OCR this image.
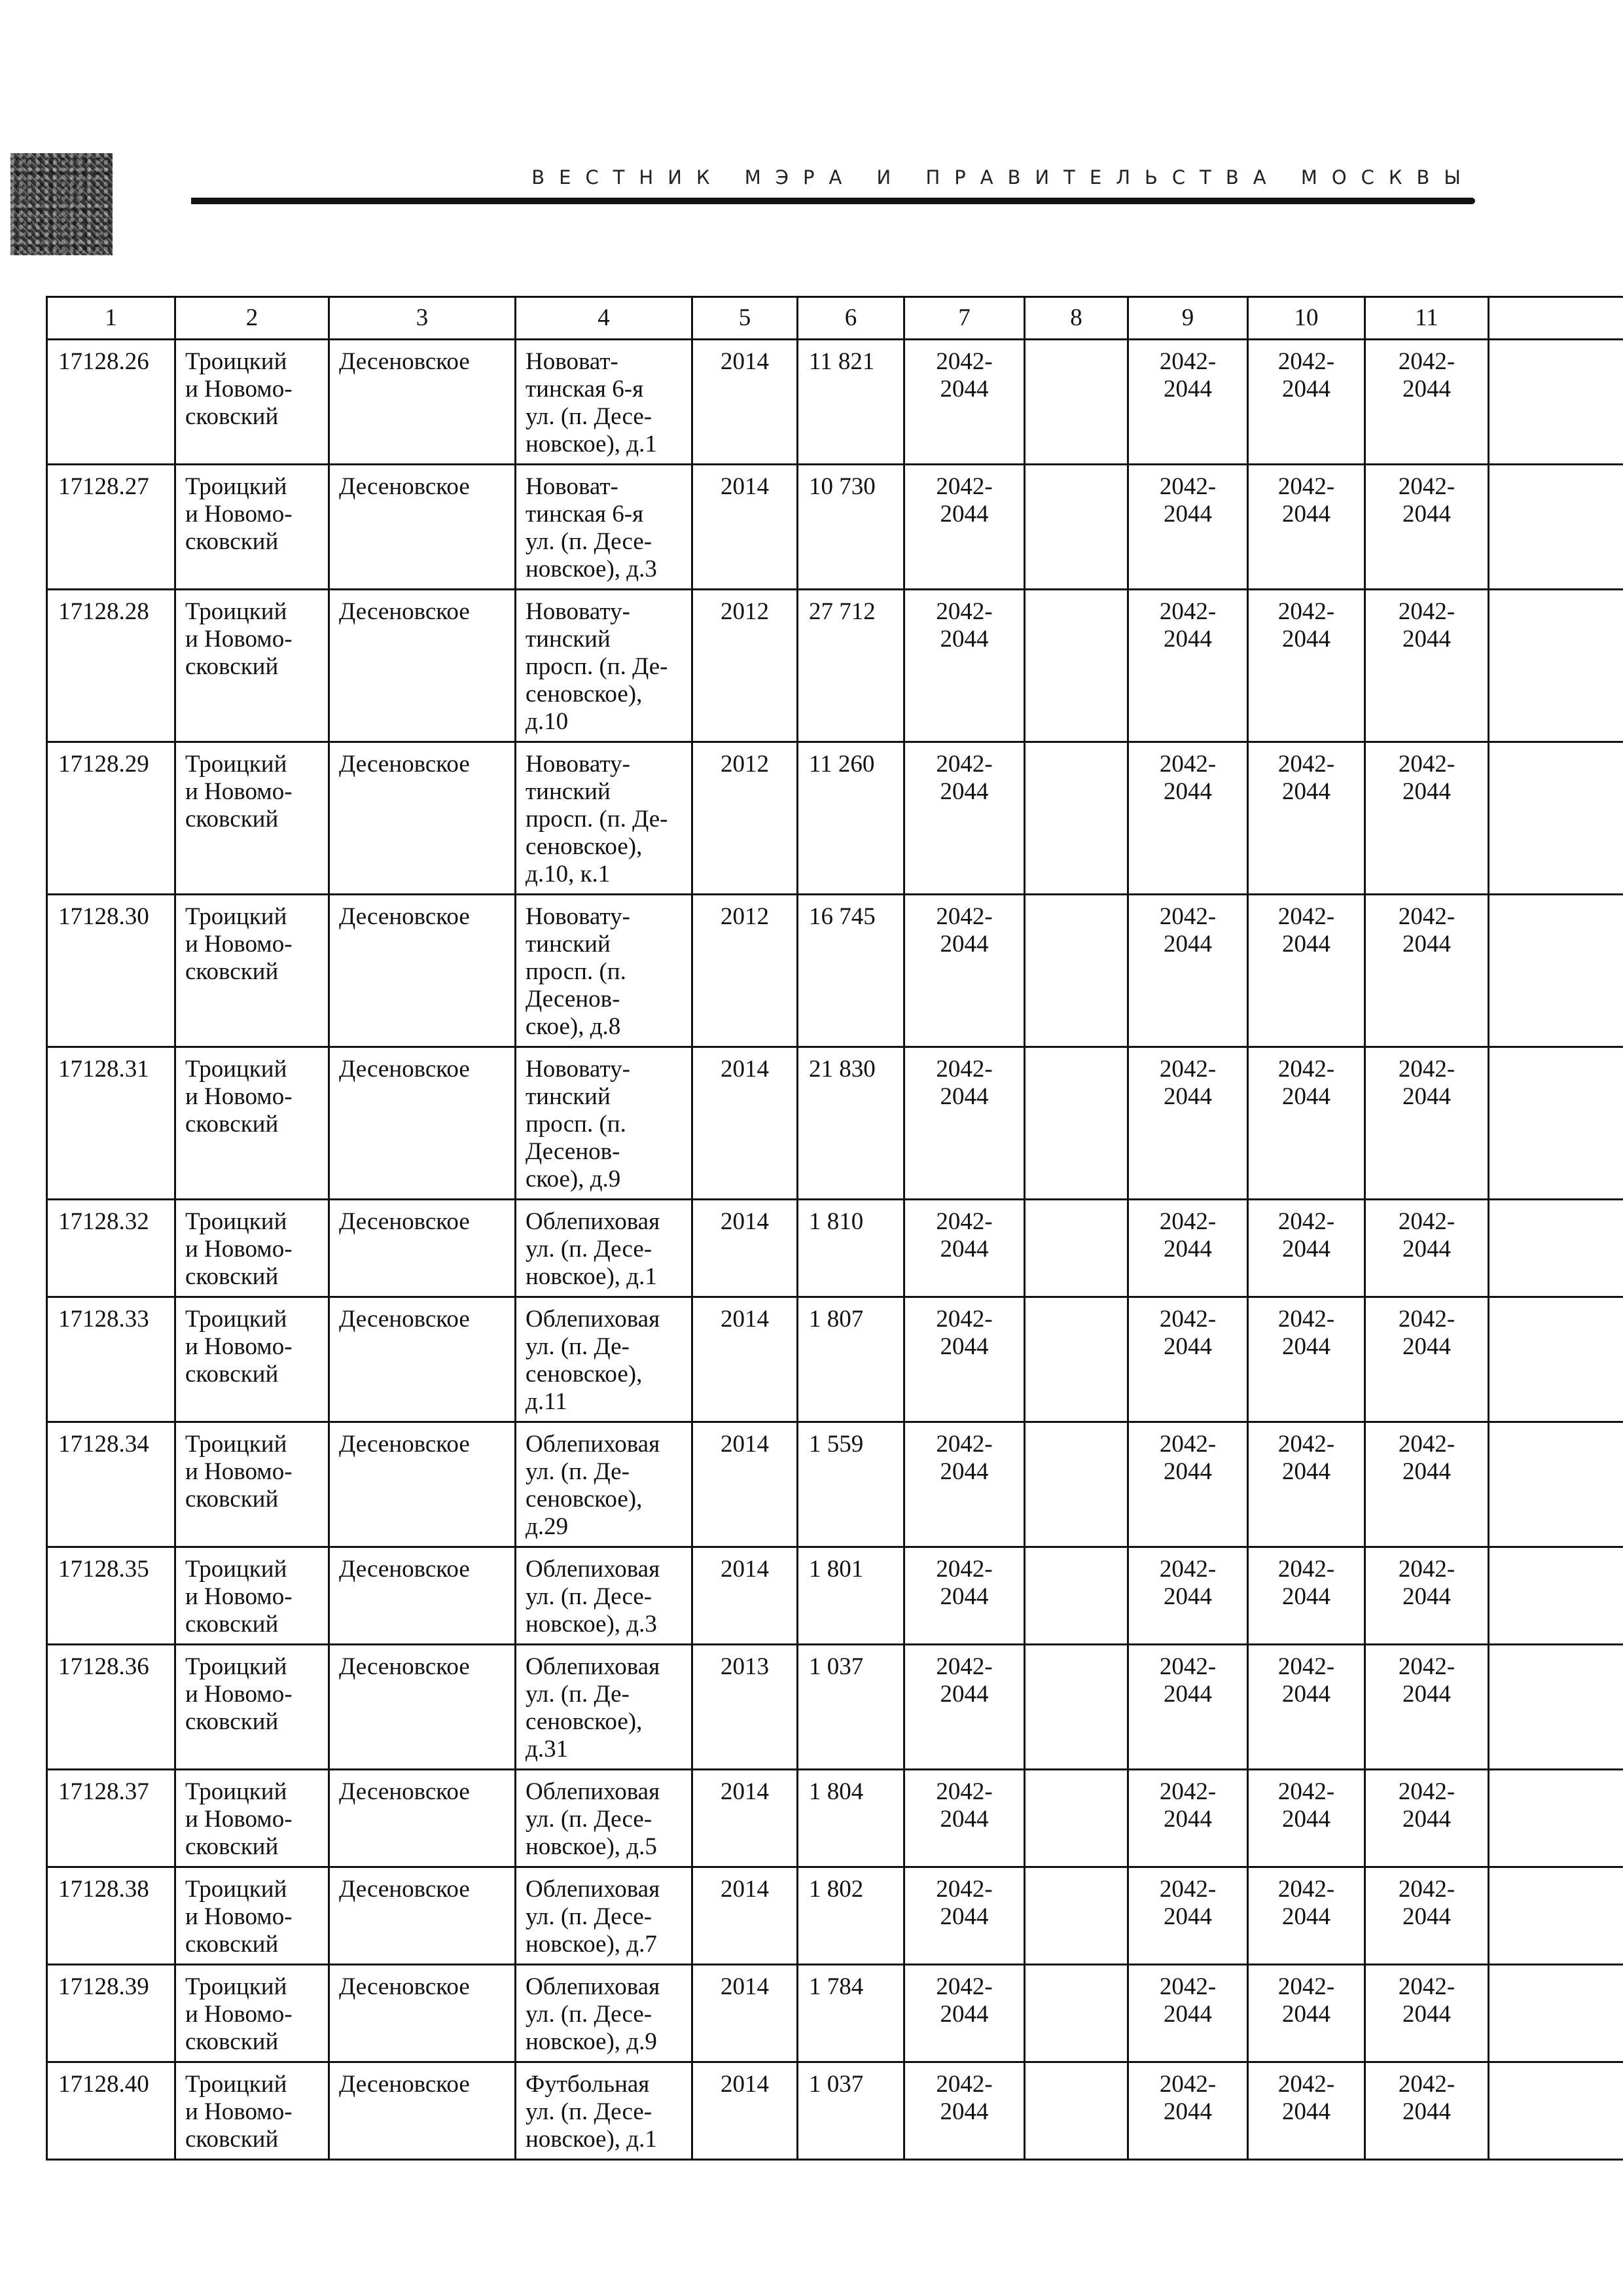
ВЕСТНИК МЭРА И ПРАВИТЕЛЬСТВА МОСКВЫ
1	2	3	4	5	6	7	8	9	10	11	

17128.26	Троицкий
и Новомо-
сковский	Десеновское	Нововат-
тинская 6-я
ул. (п. Десе-
новское), д.1	2014	11 821	2042-
2044		2042-
2044	2042-
2044	2042-
2044	

17128.27	Троицкий
и Новомо-
сковский	Десеновское	Нововат-
тинская 6-я
ул. (п. Десе-
новское), д.3	2014	10 730	2042-
2044		2042-
2044	2042-
2044	2042-
2044	

17128.28	Троицкий
и Новомо-
сковский	Десеновское	Нововату-
тинский
просп. (п. Де-
сеновское),
д.10	2012	27 712	2042-
2044		2042-
2044	2042-
2044	2042-
2044	

17128.29	Троицкий
и Новомо-
сковский	Десеновское	Нововату-
тинский
просп. (п. Де-
сеновское),
д.10, к.1	2012	11 260	2042-
2044		2042-
2044	2042-
2044	2042-
2044	

17128.30	Троицкий
и Новомо-
сковский	Десеновское	Нововату-
тинский
просп. (п.
Десенов-
ское), д.8	2012	16 745	2042-
2044		2042-
2044	2042-
2044	2042-
2044	

17128.31	Троицкий
и Новомо-
сковский	Десеновское	Нововату-
тинский
просп. (п.
Десенов-
ское), д.9	2014	21 830	2042-
2044		2042-
2044	2042-
2044	2042-
2044	

17128.32	Троицкий
и Новомо-
сковский	Десеновское	Облепиховая
ул. (п. Десе-
новское), д.1	2014	1 810	2042-
2044		2042-
2044	2042-
2044	2042-
2044	

17128.33	Троицкий
и Новомо-
сковский	Десеновское	Облепиховая
ул. (п. Де-
сеновское),
д.11	2014	1 807	2042-
2044		2042-
2044	2042-
2044	2042-
2044	

17128.34	Троицкий
и Новомо-
сковский	Десеновское	Облепиховая
ул. (п. Де-
сеновское),
д.29	2014	1 559	2042-
2044		2042-
2044	2042-
2044	2042-
2044	

17128.35	Троицкий
и Новомо-
сковский	Десеновское	Облепиховая
ул. (п. Десе-
новское), д.3	2014	1 801	2042-
2044		2042-
2044	2042-
2044	2042-
2044	

17128.36	Троицкий
и Новомо-
сковский	Десеновское	Облепиховая
ул. (п. Де-
сеновское),
д.31	2013	1 037	2042-
2044		2042-
2044	2042-
2044	2042-
2044	

17128.37	Троицкий
и Новомо-
сковский	Десеновское	Облепиховая
ул. (п. Десе-
новское), д.5	2014	1 804	2042-
2044		2042-
2044	2042-
2044	2042-
2044	

17128.38	Троицкий
и Новомо-
сковский	Десеновское	Облепиховая
ул. (п. Десе-
новское), д.7	2014	1 802	2042-
2044		2042-
2044	2042-
2044	2042-
2044	

17128.39	Троицкий
и Новомо-
сковский	Десеновское	Облепиховая
ул. (п. Десе-
новское), д.9	2014	1 784	2042-
2044		2042-
2044	2042-
2044	2042-
2044	

17128.40	Троицкий
и Новомо-
сковский	Десеновское	Футбольная
ул. (п. Десе-
новское), д.1	2014	1 037	2042-
2044		2042-
2044	2042-
2044	2042-
2044	
